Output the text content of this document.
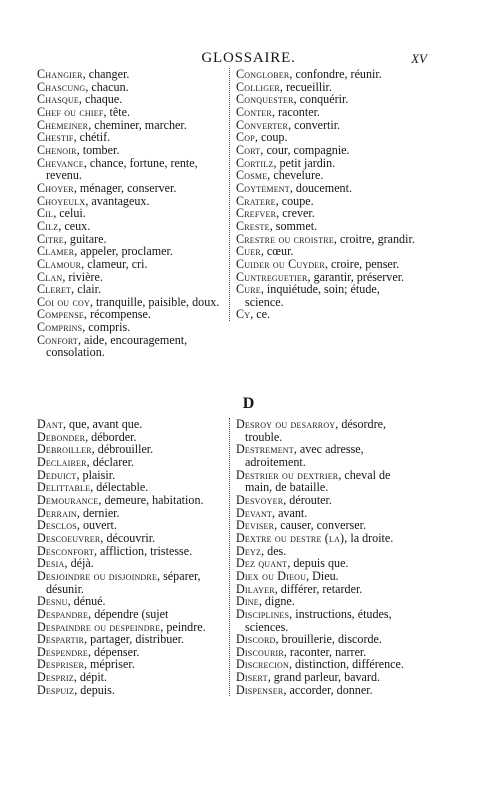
GLOSSAIRE.	XV

Changier, changer.

Chascung, chacun.

Chasque, chaque.

Chef ou chief, tête.

Chemeiner, cheminer, marcher.

Chestif, chétif.

Chenoir, tomber.

Chevance, chance, fortune, rente, revenu.

Choyer, ménager, conserver.

Choyeulx, avantageux.

Cil, celui.

Cilz, ceux.

Citre, guitare.

Clamer, appeler, proclamer.

Clamour, clameur, cri.

Clan, rivière.

Cleret, clair.

Coi ou coy, tranquille, paisible, doux.

Compense, récompense.

Comprins, compris.

Confort, aide, encouragement, consolation.

Conglober, confondre, réunir.

Colliger, recueillir.

Conquester, conquérir.

Conter, raconter.

Converter, convertir.

Cop, coup.

Cort, cour, compagnie.

Cortilz, petit jardin.

Cosme, chevelure.

Coytement, doucement.

Cratere, coupe.

Crefver, crever.

Creste, sommet.

Crestre ou croistre, croitre, grandir.

Cuer, cœur.

Cuider ou Cuyder, croire, penser.

Cuntreguetier, garantir, préserver.

Cure, inquiétude, soin; étude, science.

Cy, ce.

D

Dant, que, avant que.

Debonder, déborder.

Debroiller, débrouiller.

Declairer, déclarer.

Deduict, plaisir.

Delittable, délectable.

Demourance, demeure, habitation.

Derrain, dernier.

Desclos, ouvert.

Descoeuvrer, découvrir.

Desconfort, affliction, tristesse.

Desia, déjà.

Desjoindre ou disjoindre, séparer, désunir.

Desnu, dénué.

Despandre, dépendre (sujet

Despaindre ou despeindre, peindre.

Despartir, partager, distribuer.

Despendre, dépenser.

Despriser, mépriser.

Despriz, dépit.

Despuiz, depuis.

Desroy ou desarroy, désordre, trouble.

Destrement, avec adresse, adroitement.

Destrier ou dextrier, cheval de main, de bataille.

Desvoyer, dérouter.

Devant, avant.

Deviser, causer, converser.

Dextre ou destre (la), la droite.

Deyz, des.

Dez quant, depuis que.

Diex ou Dieou, Dieu.

Dilayer, différer, retarder.

Dine, digne.

Disciplines, instructions, études, sciences.

Discord, brouillerie, discorde.

Discourir, raconter, narrer.

Discrecion, distinction, différence.

Disert, grand parleur, bavard.

Dispenser, accorder, donner.
